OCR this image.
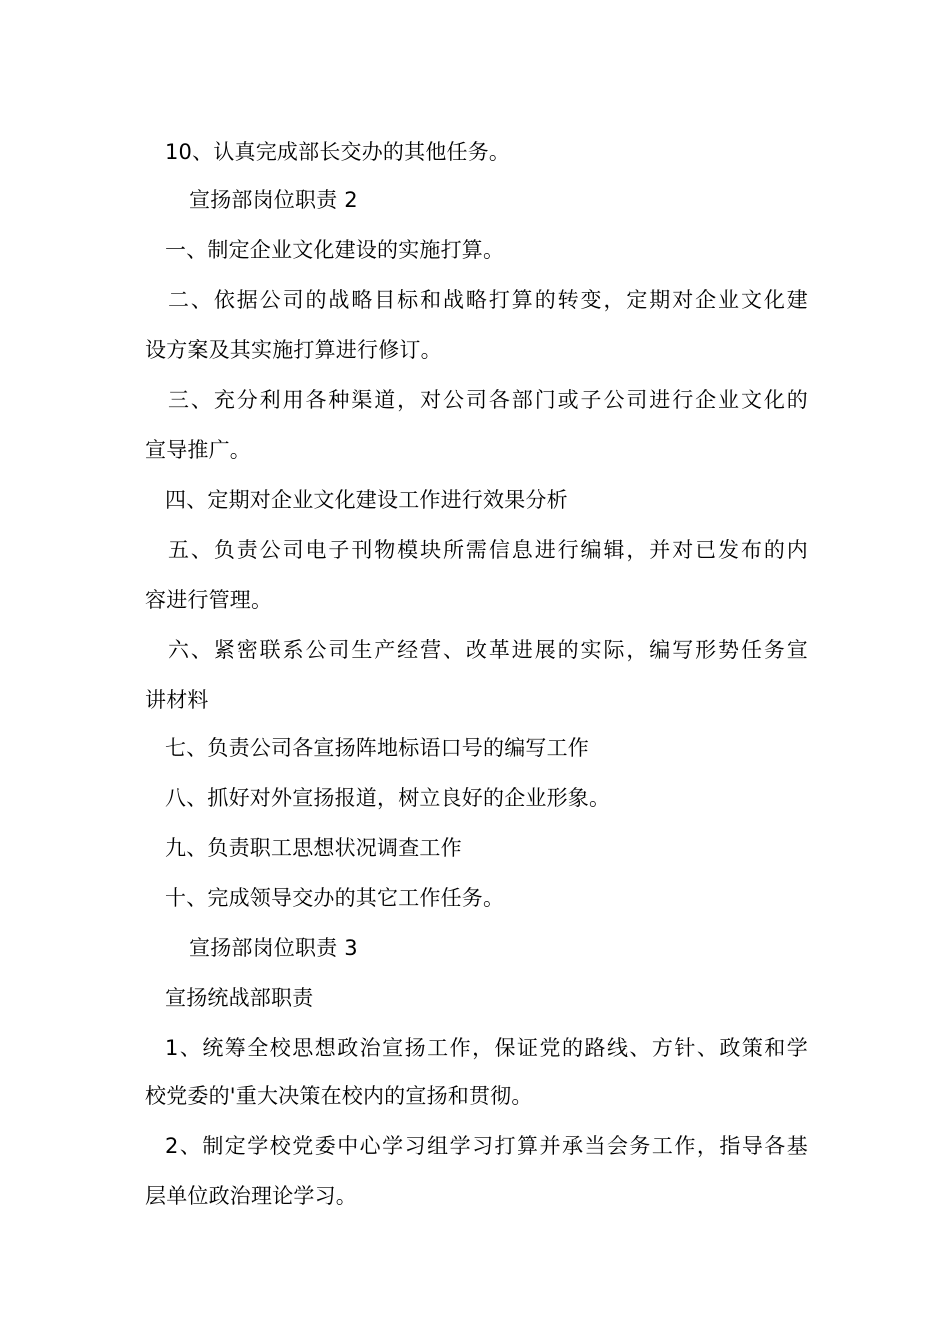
10、认真完成部长交办的其他任务。
宣扬部岗位职责 2
一、制定企业文化建设的实施打算。
二、依据公司的战略目标和战略打算的转变，定期对企业文化建
设方案及其实施打算进行修订。
三、充分利用各种渠道，对公司各部门或子公司进行企业文化的
宣导推广。
四、定期对企业文化建设工作进行效果分析
五、负责公司电子刊物模块所需信息进行编辑，并对已发布的内
容进行管理。
六、紧密联系公司生产经营、改革进展的实际，编写形势任务宣
讲材料
七、负责公司各宣扬阵地标语口号的编写工作
八、抓好对外宣扬报道，树立良好的企业形象。
九、负责职工思想状况调查工作
十、完成领导交办的其它工作任务。
宣扬部岗位职责 3
宣扬统战部职责
1、统筹全校思想政治宣扬工作，保证党的路线、方针、政策和学
校党委的'重大决策在校内的宣扬和贯彻。
2、制定学校党委中心学习组学习打算并承当会务工作，指导各基
层单位政治理论学习。
